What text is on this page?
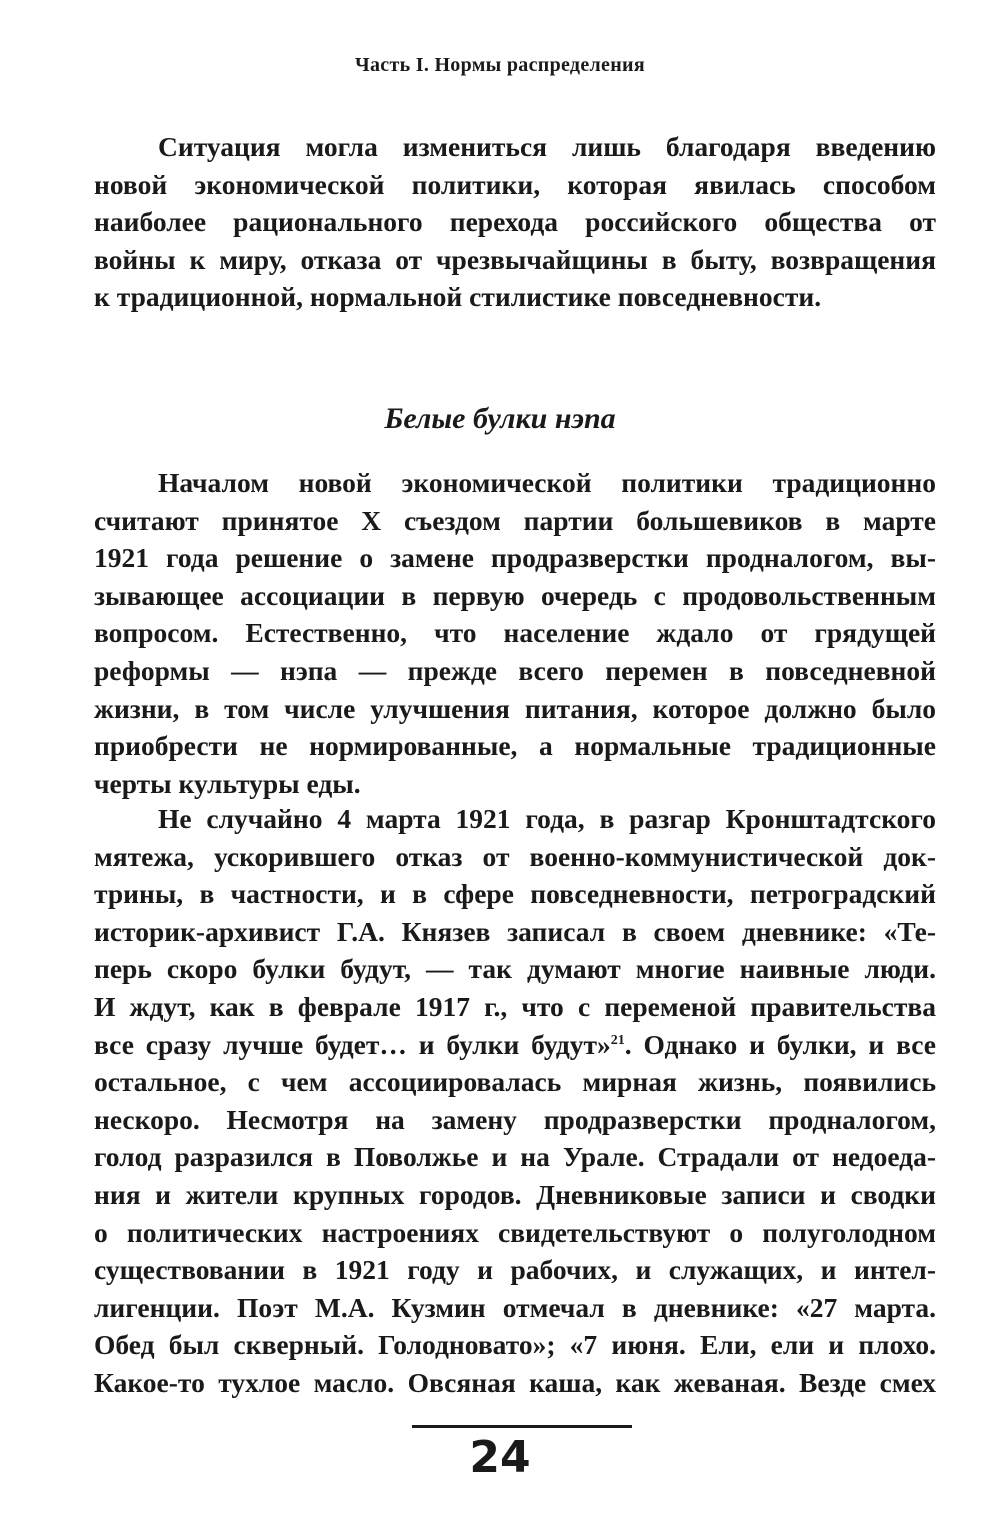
Часть I. Нормы распределения
Ситуация могла измениться лишь благодаря введению
новой экономической политики, которая явилась способом
наиболее рационального перехода российского общества от
войны к миру, отказа от чрезвычайщины в быту, возвращения
к традиционной, нормальной стилистике повседневности.
Белые булки нэпа
Началом новой экономической политики традиционно
считают принятое X съездом партии большевиков в марте
1921 года решение о замене продразверстки продналогом, вы-
зывающее ассоциации в первую очередь с продовольственным
вопросом. Естественно, что население ждало от грядущей
реформы — нэпа — прежде всего перемен в повседневной
жизни, в том числе улучшения питания, которое должно было
приобрести не нормированные, а нормальные традиционные
черты культуры еды.
Не случайно 4 марта 1921 года, в разгар Кронштадтского
мятежа, ускорившего отказ от военно-коммунистической док-
трины, в частности, и в сфере повседневности, петроградский
историк-архивист Г.А. Князев записал в своем дневнике: «Те-
перь скоро булки будут, — так думают многие наивные люди.
И ждут, как в феврале 1917 г., что с переменой правительства
все сразу лучше будет… и булки будут»$^{21}$. Однако и булки, и все
остальное, с чем ассоциировалась мирная жизнь, появились
нескоро. Несмотря на замену продразверстки продналогом,
голод разразился в Поволжье и на Урале. Страдали от недоеда-
ния и жители крупных городов. Дневниковые записи и сводки
о политических настроениях свидетельствуют о полуголодном
существовании в 1921 году и рабочих, и служащих, и интел-
лигенции. Поэт М.А. Кузмин отмечал в дневнике: «27 марта.
Обед был скверный. Голодновато»; «7 июня. Ели, ели и плохо.
Какое-то тухлое масло. Овсяная каша, как жеваная. Везде смех
24
